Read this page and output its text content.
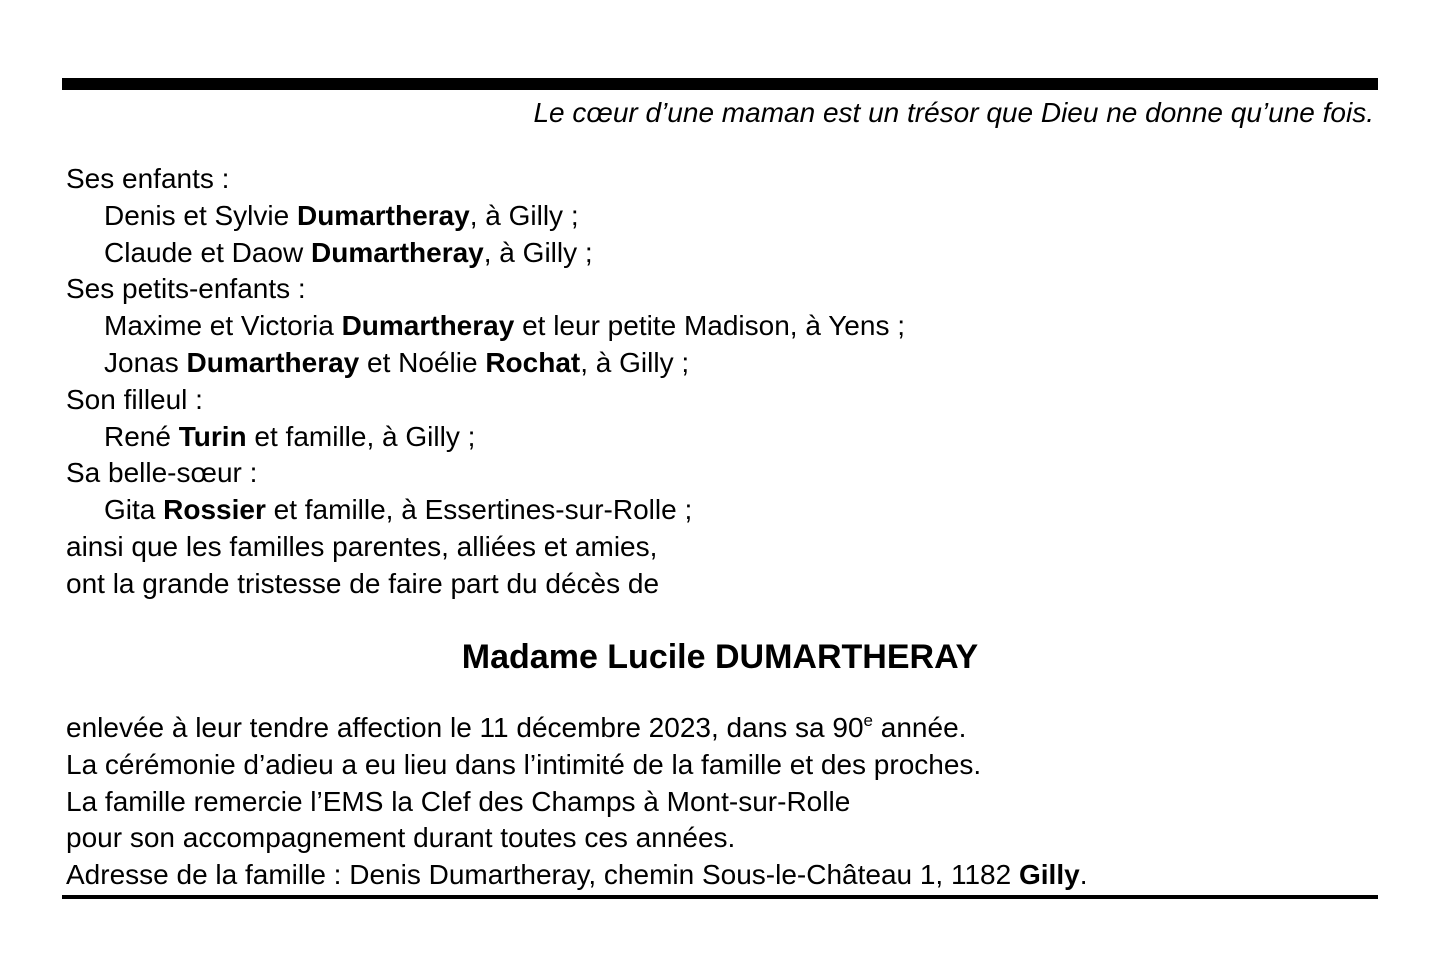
Le cœur d’une maman est un trésor que Dieu ne donne qu’une fois.
Ses enfants :
Denis et Sylvie Dumartheray, à Gilly ;
Claude et Daow Dumartheray, à Gilly ;
Ses petits-enfants :
Maxime et Victoria Dumartheray et leur petite Madison, à Yens ;
Jonas Dumartheray et Noélie Rochat, à Gilly ;
Son filleul :
René Turin et famille, à Gilly ;
Sa belle-sœur :
Gita Rossier et famille, à Essertines-sur-Rolle ;
ainsi que les familles parentes, alliées et amies,
ont la grande tristesse de faire part du décès de
Madame Lucile DUMARTHERAY
enlevée à leur tendre affection le 11 décembre 2023, dans sa 90e année.
La cérémonie d’adieu a eu lieu dans l’intimité de la famille et des proches.
La famille remercie l’EMS la Clef des Champs à Mont-sur-Rolle
pour son accompagnement durant toutes ces années.
Adresse de la famille : Denis Dumartheray, chemin Sous-le-Château 1, 1182 Gilly.
